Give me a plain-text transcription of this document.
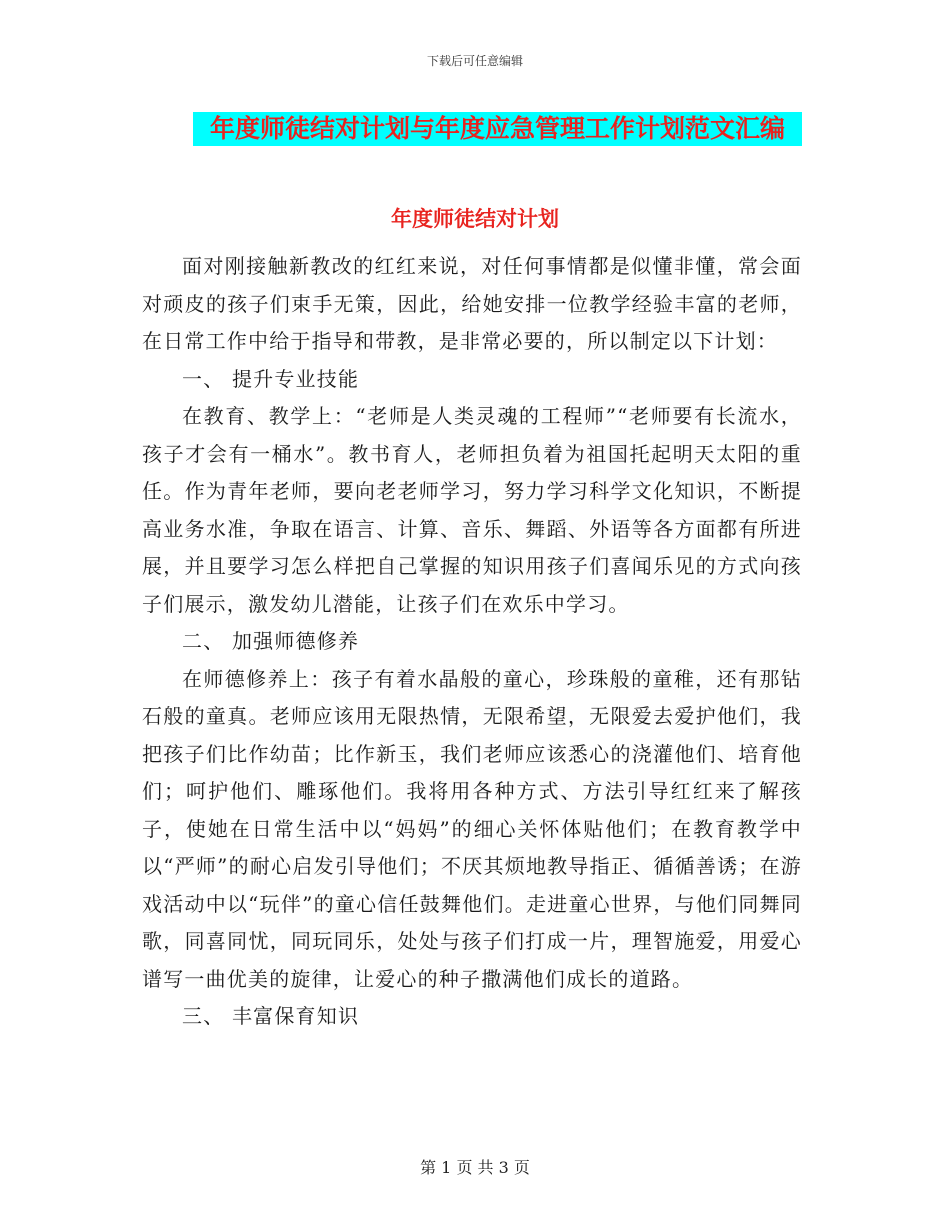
下载后可任意编辑
年度师徒结对计划与年度应急管理工作计划范文汇编
年度师徒结对计划

面对刚接触新教改的红红来说，对任何事情都是似懂非懂，常会面对顽皮的孩子们束手无策，因此，给她安排一位教学经验丰富的老师，在日常工作中给于指导和带教，是非常必要的，所以制定以下计划：

一、 提升专业技能

在教育、教学上：“老师是人类灵魂的工程师”“老师要有长流水，孩子才会有一桶水”。教书育人，老师担负着为祖国托起明天太阳的重任。作为青年老师，要向老老师学习，努力学习科学文化知识，不断提高业务水准，争取在语言、计算、音乐、舞蹈、外语等各方面都有所进展，并且要学习怎么样把自己掌握的知识用孩子们喜闻乐见的方式向孩子们展示，激发幼儿潜能，让孩子们在欢乐中学习。

二、 加强师德修养

在师德修养上：孩子有着水晶般的童心，珍珠般的童稚，还有那钻石般的童真。老师应该用无限热情，无限希望，无限爱去爱护他们，我把孩子们比作幼苗；比作新玉，我们老师应该悉心的浇灌他们、培育他们；呵护他们、雕琢他们。我将用各种方式、方法引导红红来了解孩子，使她在日常生活中以“妈妈”的细心关怀体贴他们；在教育教学中以“严师”的耐心启发引导他们；不厌其烦地教导指正、循循善诱；在游戏活动中以“玩伴”的童心信任鼓舞他们。走进童心世界，与他们同舞同歌，同喜同忧，同玩同乐，处处与孩子们打成一片，理智施爱，用爱心谱写一曲优美的旋律，让爱心的种子撒满他们成长的道路。

三、 丰富保育知识

第 1 页 共 3 页
